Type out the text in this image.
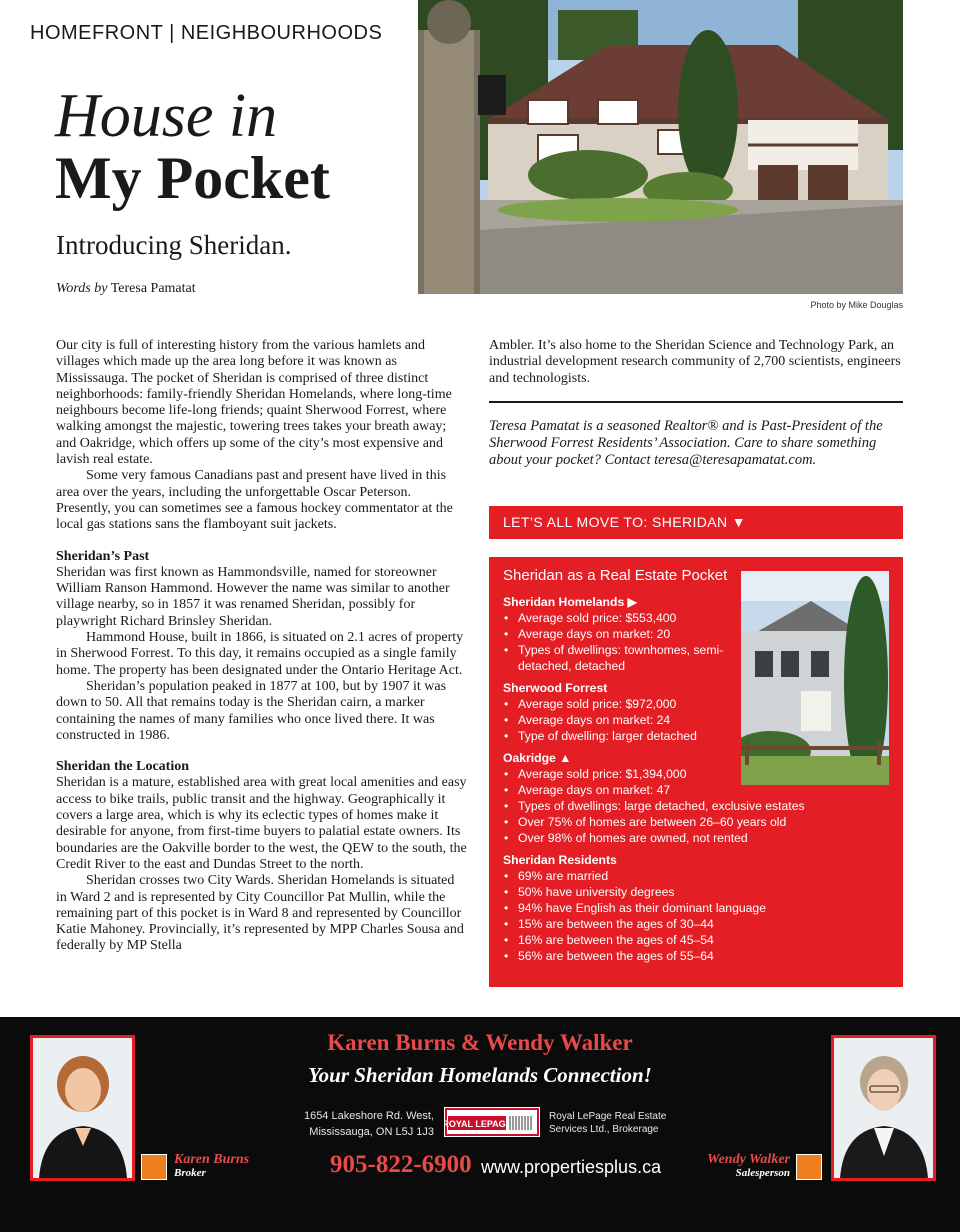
HOMEFRONT | NEIGHBOURHOODS
House in
My Pocket
Introducing Sheridan.
Words by Teresa Pamatat
Photo by Mike Douglas

Our city is full of interesting history from the various hamlets and villages which made up the area long before it was known as Mississauga. The pocket of Sheridan is comprised of three distinct neighborhoods: family-friendly Sheridan Homelands, where long-time neighbours become life-long friends; quaint Sherwood Forrest, where walking amongst the majestic, towering trees takes your breath away; and Oakridge, which offers up some of the city’s most expensive and lavish real estate.

Some very famous Canadians past and present have lived in this area over the years, including the unforgettable Oscar Peterson. Presently, you can sometimes see a famous hockey commentator at the local gas stations sans the flamboyant suit jackets.

Sheridan’s Past

Sheridan was first known as Hammondsville, named for storeowner William Ranson Hammond. However the name was similar to another village nearby, so in 1857 it was renamed Sheridan, possibly for playwright Richard Brinsley Sheridan.

Hammond House, built in 1866, is situated on 2.1 acres of property in Sherwood Forrest. To this day, it remains occupied as a single family home. The property has been designated under the Ontario Heritage Act.

Sheridan’s population peaked in 1877 at 100, but by 1907 it was down to 50. All that remains today is the Sheridan cairn, a marker containing the names of many families who once lived there. It was constructed in 1986.

Sheridan the Location

Sheridan is a mature, established area with great local amenities and easy access to bike trails, public transit and the highway. Geographically it covers a large area, which is why its eclectic types of homes make it desirable for anyone, from first-time buyers to palatial estate owners. Its boundaries are the Oakville border to the west, the QEW to the south, the Credit River to the east and Dundas Street to the north.

Sheridan crosses two City Wards. Sheridan Homelands is situated in Ward 2 and is represented by City Councillor Pat Mullin, while the remaining part of this pocket is in Ward 8 and represented by Councillor Katie Mahoney. Provincially, it’s represented by MPP Charles Sousa and federally by MP Stella

Ambler. It’s also home to the Sheridan Science and Technology Park, an industrial development research community of 2,700 scientists, engineers and technologists.

Teresa Pamatat is a seasoned Realtor® and is Past-President of the Sherwood Forrest Residents’ Association. Care to share something about your pocket? Contact teresa@teresapamatat.com.
LET’S ALL MOVE TO: SHERIDAN ▼
Sheridan as a Real Estate Pocket
Sheridan Homelands ▶
• Average sold price: $553,400
• Average days on market: 20
• Types of dwellings: townhomes, semi-detached, detached
Sherwood Forrest
• Average sold price: $972,000
• Average days on market: 24
• Type of dwelling: larger detached
Oakridge ▲
• Average sold price: $1,394,000
• Average days on market: 47
• Types of dwellings: large detached, exclusive estates
• Over 75% of homes are between 26–60 years old
• Over 98% of homes are owned, not rented
Sheridan Residents
• 69% are married
• 50% have university degrees
• 94% have English as their dominant language
• 15% are between the ages of 30–44
• 16% are between the ages of 45–54
• 56% are between the ages of 55–64
Karen Burns & Wendy Walker
Your Sheridan Homelands Connection!
1654 Lakeshore Rd. West,
Mississauga, ON L5J 1J3
ROYAL LEPAGE
Royal LePage Real Estate
Services Ltd., Brokerage
905-822-6900 www.propertiesplus.ca
Karen Burns
Broker
Wendy Walker
Salesperson
